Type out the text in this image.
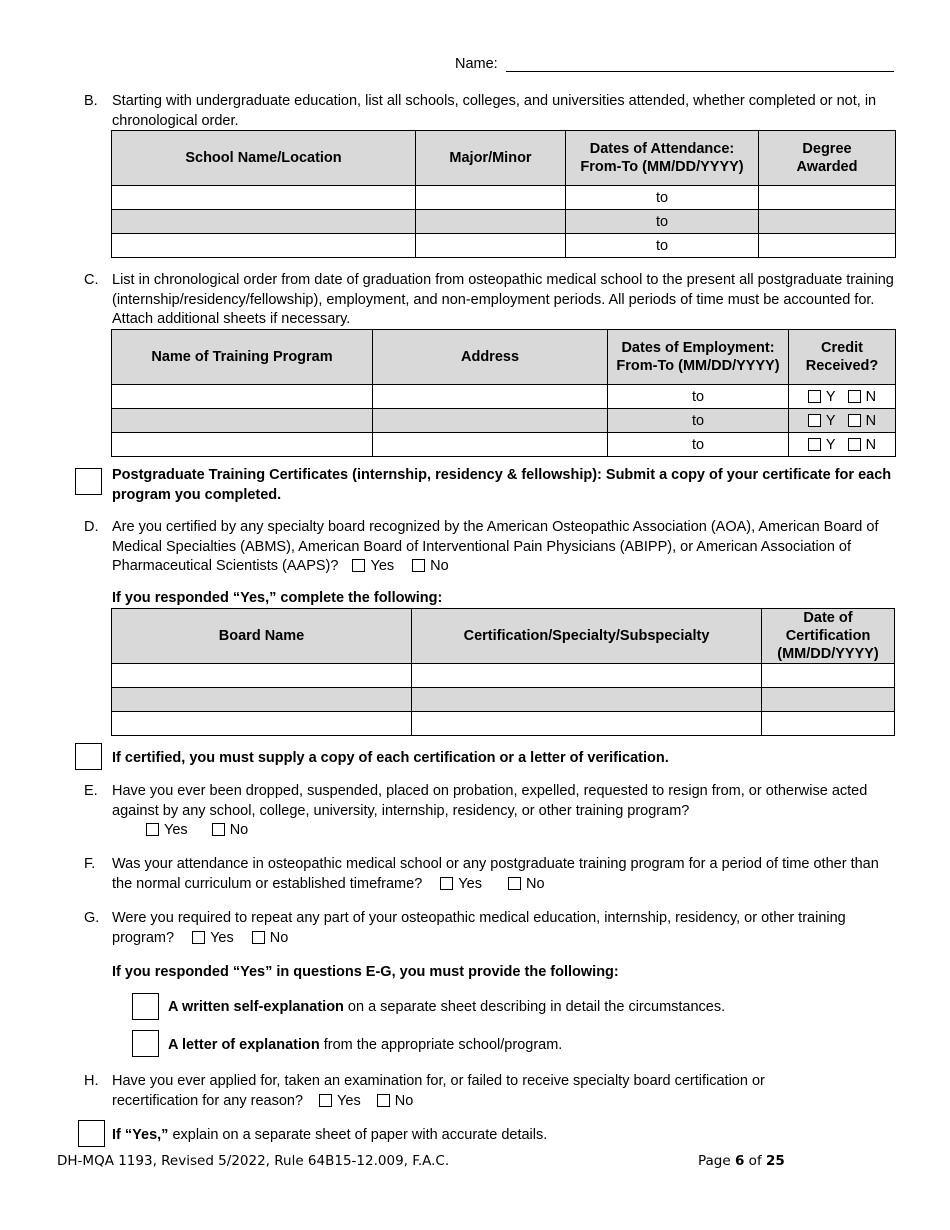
Name:
B. Starting with undergraduate education, list all schools, colleges, and universities attended, whether completed or not, in chronological order.
School Name/Location	Major/Minor	Dates of Attendance: From-To (MM/DD/YYYY)	Degree Awarded
		to	
		to	
		to	
C. List in chronological order from date of graduation from osteopathic medical school to the present all postgraduate training (internship/residency/fellowship), employment, and non-employment periods. All periods of time must be accounted for. Attach additional sheets if necessary.
Name of Training Program	Address	Dates of Employment: From-To (MM/DD/YYYY)	Credit Received?
		to	Y N
		to	Y N
		to	Y N
Postgraduate Training Certificates (internship, residency & fellowship): Submit a copy of your certificate for each program you completed.
D. Are you certified by any specialty board recognized by the American Osteopathic Association (AOA), American Board of Medical Specialties (ABMS), American Board of Interventional Pain Physicians (ABIPP), or American Association of Pharmaceutical Scientists (AAPS)? Yes No
If you responded “Yes,” complete the following:
Board Name	Certification/Specialty/Subspecialty	Date of Certification (MM/DD/YYYY)

If certified, you must supply a copy of each certification or a letter of verification.
E. Have you ever been dropped, suspended, placed on probation, expelled, requested to resign from, or otherwise acted against by any school, college, university, internship, residency, or other training program?
Yes	No
F. Was your attendance in osteopathic medical school or any postgraduate training program for a period of time other than the normal curriculum or established timeframe? Yes	No
G. Were you required to repeat any part of your osteopathic medical education, internship, residency, or other training program? Yes No
If you responded “Yes” in questions E-G, you must provide the following:
A written self-explanation on a separate sheet describing in detail the circumstances.
A letter of explanation from the appropriate school/program.
H. Have you ever applied for, taken an examination for, or failed to receive specialty board certification or recertification for any reason? Yes No
If “Yes,” explain on a separate sheet of paper with accurate details.
DH-MQA 1193, Revised 5/2022, Rule 64B15-12.009, F.A.C.	Page 6 of 25
